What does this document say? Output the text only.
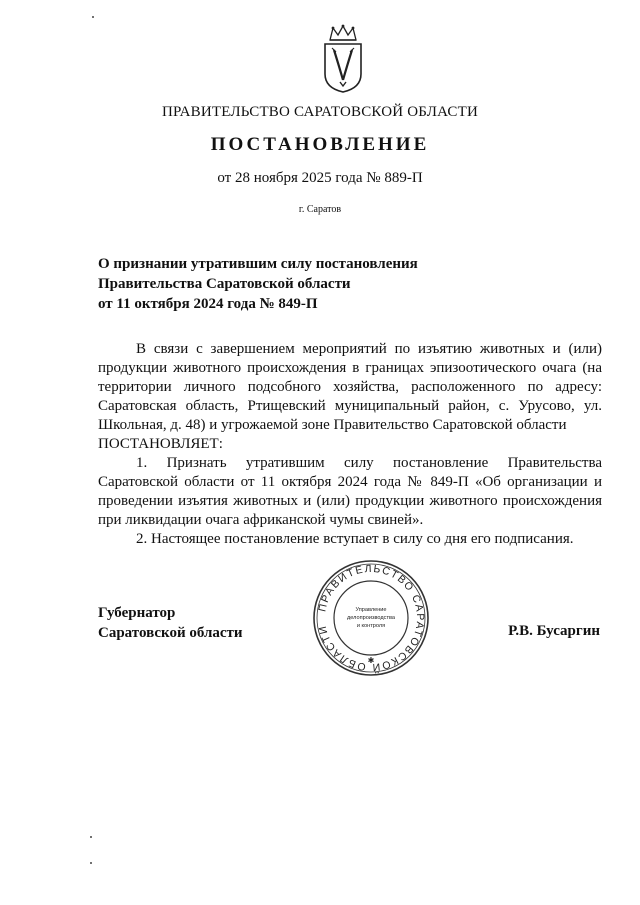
ПРАВИТЕЛЬСТВО САРАТОВСКОЙ ОБЛАСТИ
ПОСТАНОВЛЕНИЕ
от 28 ноября 2025 года № 889-П
г. Саратов
О признании утратившим силу постановления
Правительства Саратовской области
от 11 октября 2024 года № 849-П

В связи с завершением мероприятий по изъятию животных и (или) продукции животного происхождения в границах эпизоотического очага (на территории личного подсобного хозяйства, расположенного по адресу: Саратовская область, Ртищевский муниципальный район, с. Урусово, ул. Школьная, д. 48) и угрожаемой зоне Правительство Саратовской области

ПОСТАНОВЛЯЕТ:

1. Признать утратившим силу постановление Правительства Саратовской области от 11 октября 2024 года № 849-П «Об организации и проведении изъятия животных и (или) продукции животного происхождения при ликвидации очага африканской чумы свиней».

2. Настоящее постановление вступает в силу со дня его подписания.

Губернатор
Саратовской области	Р.В. Бусаргин
ПРАВИТЕЛЬСТВО САРАТОВСКОЙ ОБЛАСТИ
Управление
делопроизводства
и контроля
✱
